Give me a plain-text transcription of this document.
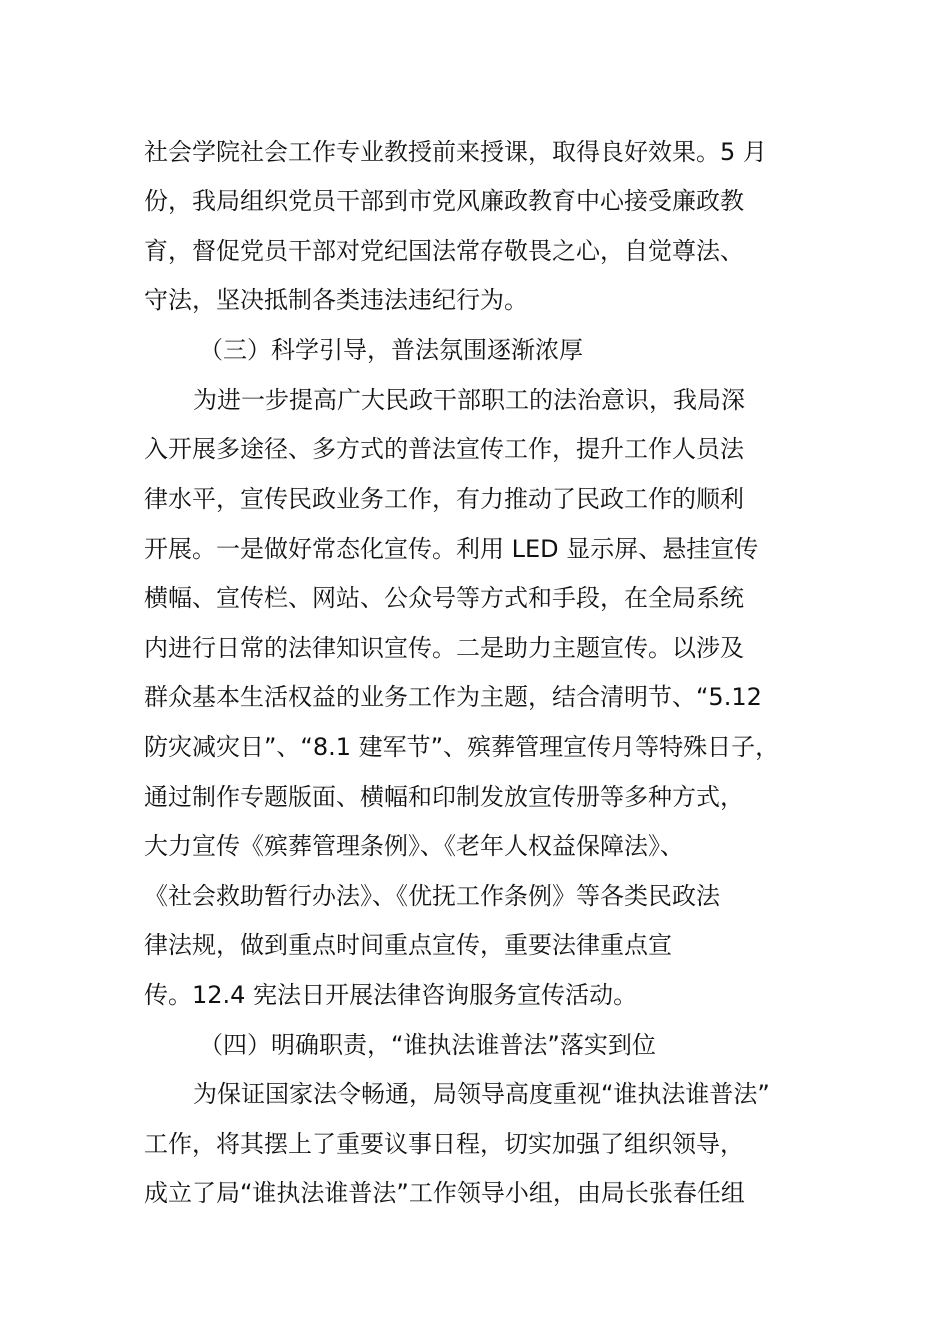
社会学院社会工作专业教授前来授课，取得良好效果。5 月
份，我局组织党员干部到市党风廉政教育中心接受廉政教
育，督促党员干部对党纪国法常存敬畏之心，自觉尊法、
守法，坚决抵制各类违法违纪行为。
（三）科学引导，普法氛围逐渐浓厚
为进一步提高广大民政干部职工的法治意识，我局深
入开展多途径、多方式的普法宣传工作，提升工作人员法
律水平，宣传民政业务工作，有力推动了民政工作的顺利
开展。一是做好常态化宣传。利用 LED 显示屏、悬挂宣传
横幅、宣传栏、网站、公众号等方式和手段，在全局系统
内进行日常的法律知识宣传。二是助力主题宣传。以涉及
群众基本生活权益的业务工作为主题，结合清明节、“5.12
防灾减灾日”、“8.1 建军节”、殡葬管理宣传月等特殊日子，
通过制作专题版面、横幅和印制发放宣传册等多种方式，
大力宣传《殡葬管理条例》、《老年人权益保障法》、
《社会救助暂行办法》、《优抚工作条例》等各类民政法
律法规，做到重点时间重点宣传，重要法律重点宣
传。12.4 宪法日开展法律咨询服务宣传活动。
（四）明确职责，“谁执法谁普法”落实到位
为保证国家法令畅通，局领导高度重视“谁执法谁普法”
工作，将其摆上了重要议事日程，切实加强了组织领导，
成立了局“谁执法谁普法”工作领导小组，由局长张春任组
